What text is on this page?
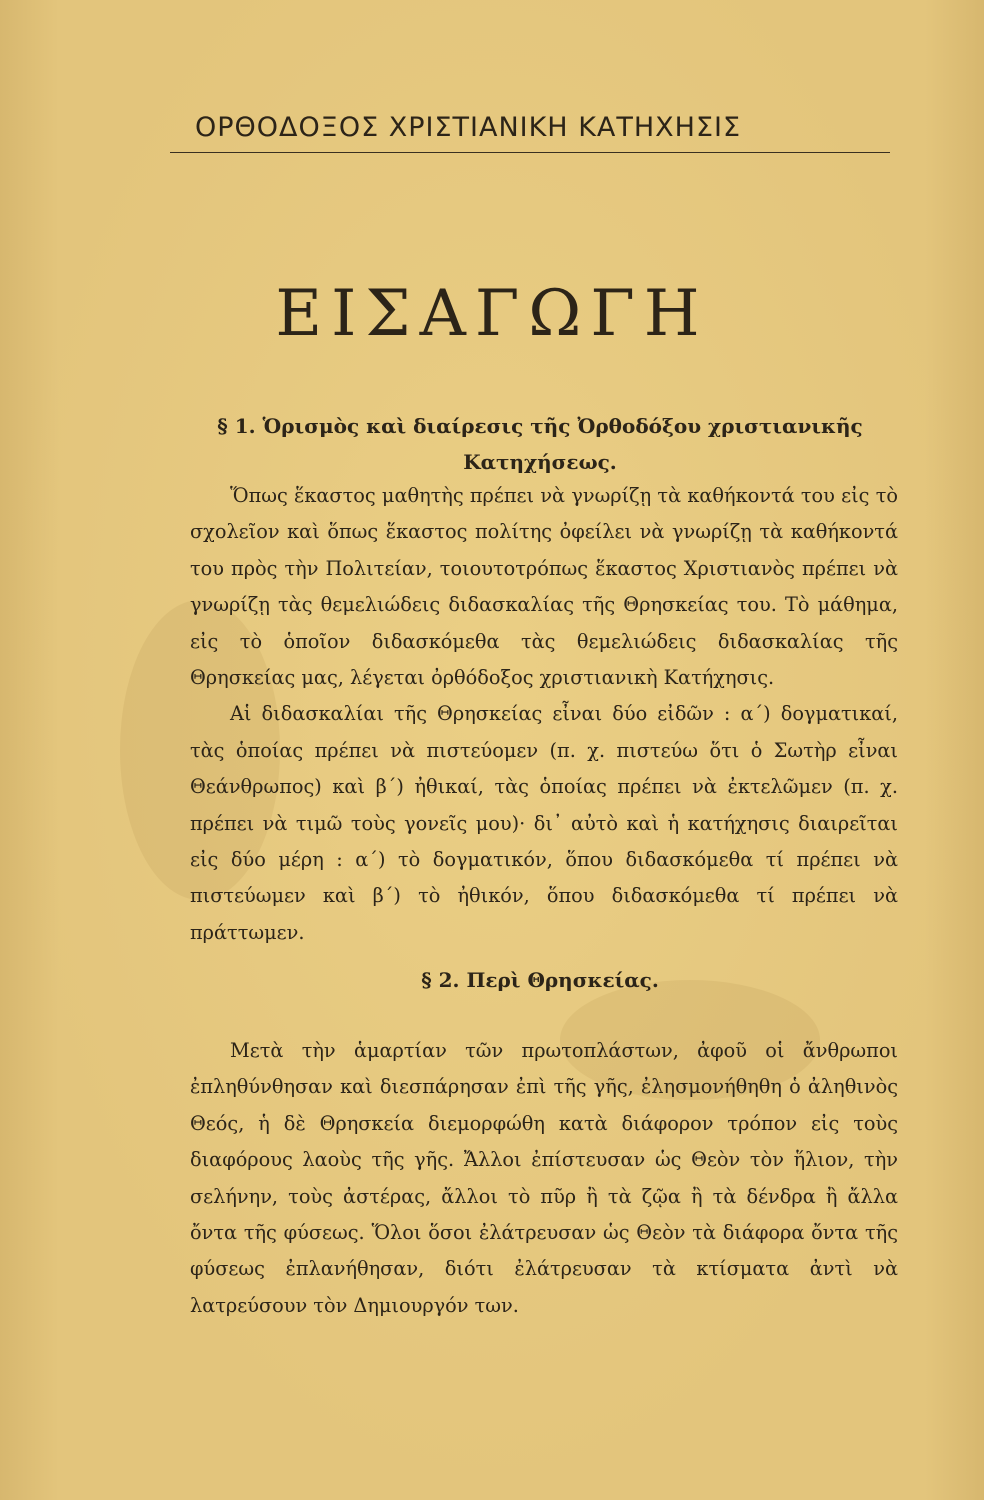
ΟΡΘΟΔΟΞΟΣ ΧΡΙΣΤΙΑΝΙΚΗ ΚΑΤΗΧΗΣΙΣ
ΕΙΣΑΓΩΓΗ
§ 1. Ὁρισμὸς καὶ διαίρεσις τῆς Ὀρθοδόξου χριστιανικῆς Κατηχήσεως.

Ὅπως ἕκαστος μαθητὴς πρέπει νὰ γνωρίζῃ τὰ καθήκοντά του εἰς τὸ σχολεῖον καὶ ὅπως ἕκαστος πολίτης ὀφείλει νὰ γνωρίζῃ τὰ καθήκοντά του πρὸς τὴν Πολιτείαν, τοιουτοτρόπως ἕκαστος Χριστιανὸς πρέπει νὰ γνωρίζῃ τὰς θεμελιώδεις διδασκαλίας τῆς Θρησκείας του. Τὸ μάθημα, εἰς τὸ ὁποῖον διδασκόμεθα τὰς θεμελιώδεις διδασκαλίας τῆς Θρησκείας μας, λέγεται ὀρθόδοξος χριστιανικὴ Κατήχησις.

Αἱ διδασκαλίαι τῆς Θρησκείας εἶναι δύο εἰδῶν : α΄) δογματικαί, τὰς ὁποίας πρέπει νὰ πιστεύομεν (π. χ. πιστεύω ὅτι ὁ Σωτὴρ εἶναι Θεάνθρωπος) καὶ β΄) ἠθικαί, τὰς ὁποίας πρέπει νὰ ἐκτελῶμεν (π. χ. πρέπει νὰ τιμῶ τοὺς γονεῖς μου)· δι᾽ αὐτὸ καὶ ἡ κατήχησις διαιρεῖται εἰς δύο μέρη : α΄) τὸ δογματικόν, ὅπου διδασκόμεθα τί πρέπει νὰ πιστεύωμεν καὶ β΄) τὸ ἠθικόν, ὅπου διδασκόμεθα τί πρέπει νὰ πράττωμεν.

§ 2. Περὶ Θρησκείας.

Μετὰ τὴν ἁμαρτίαν τῶν πρωτοπλάστων, ἀφοῦ οἱ ἄνθρωποι ἐπληθύνθησαν καὶ διεσπάρησαν ἐπὶ τῆς γῆς, ἐλησμονήθηθη ὁ ἀληθινὸς Θεός, ἡ δὲ Θρησκεία διεμορφώθη κατὰ διάφορον τρόπον εἰς τοὺς διαφόρους λαοὺς τῆς γῆς. Ἄλλοι ἐπίστευσαν ὡς Θεὸν τὸν ἥλιον, τὴν σελήνην, τοὺς ἀστέρας, ἄλλοι τὸ πῦρ ἢ τὰ ζῷα ἢ τὰ δένδρα ἢ ἄλλα ὄντα τῆς φύσεως. Ὅλοι ὅσοι ἐλάτρευσαν ὡς Θεὸν τὰ διάφορα ὄντα τῆς φύσεως ἐπλανήθησαν, διότι ἐλάτρευσαν τὰ κτίσματα ἀντὶ νὰ λατρεύσουν τὸν Δημιουργόν των.
